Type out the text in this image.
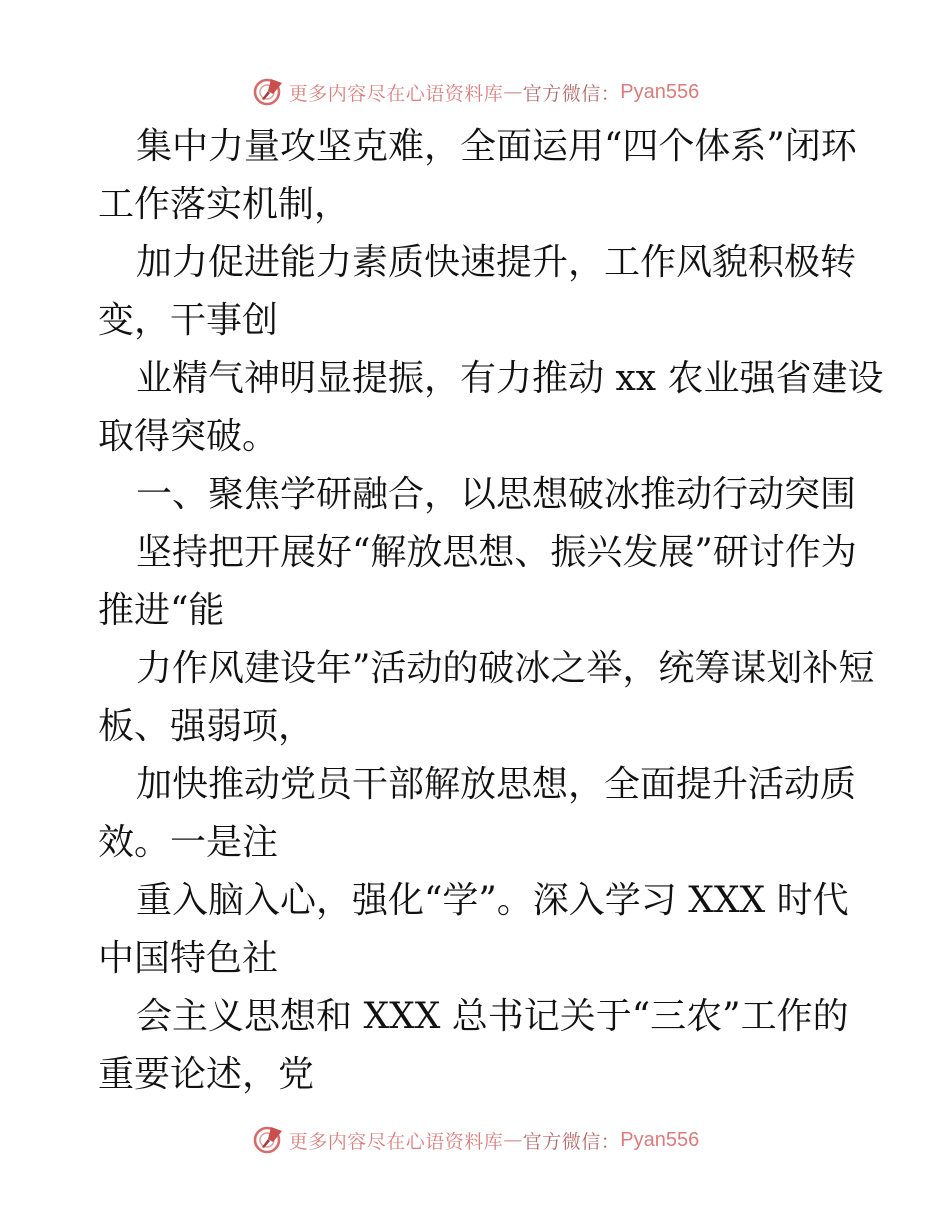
更多内容尽在心语资料库 — 官方微信： Pyan556
集中力量攻坚克难，全面运用“四个体系”闭环
工作落实机制，
加力促进能力素质快速提升，工作风貌积极转
变，干事创
业精气神明显提振，有力推动 xx 农业强省建设
取得突破。
一、聚焦学研融合，以思想破冰推动行动突围
坚持把开展好“解放思想、振兴发展”研讨作为
推进“能
力作风建设年”活动的破冰之举，统筹谋划补短
板、强弱项，
加快推动党员干部解放思想，全面提升活动质
效。一是注
重入脑入心，强化“学”。深入学习 XXX 时代
中国特色社
会主义思想和 XXX 总书记关于“三农”工作的
重要论述，党
更多内容尽在心语资料库 — 官方微信： Pyan556
